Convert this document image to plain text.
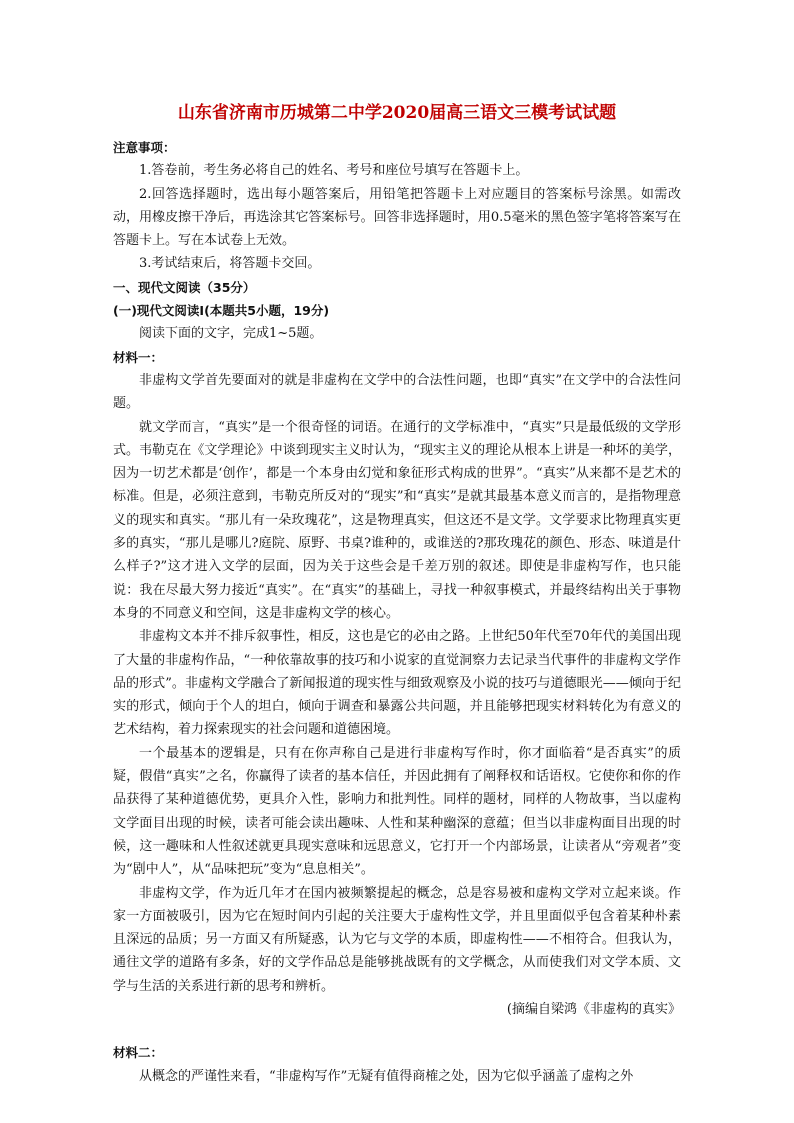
山东省济南市历城第二中学2020届高三语文三模考试试题

注意事项：

1.答卷前，考生务必将自己的姓名、考号和座位号填写在答题卡上。

2.回答选择题时，选出每小题答案后，用铅笔把答题卡上对应题目的答案标号涂黑。如需改动，用橡皮擦干净后，再选涂其它答案标号。回答非选择题时，用0.5毫米的黑色签字笔将答案写在答题卡上。写在本试卷上无效。

3.考试结束后，将答题卡交回。

一、现代文阅读（35分）

(一)现代文阅读Ⅰ(本题共5小题，19分)

阅读下面的文字，完成1~5题。

材料一：

非虚构文学首先要面对的就是非虚构在文学中的合法性问题，也即“真实”在文学中的合法性问题。

就文学而言，“真实”是一个很奇怪的词语。在通行的文学标准中，“真实”只是最低级的文学形式。韦勒克在《文学理论》中谈到现实主义时认为，“现实主义的理论从根本上讲是一种坏的美学，因为一切艺术都是‘创作’，都是一个本身由幻觉和象征形式构成的世界”。“真实”从来都不是艺术的标准。但是，必须注意到，韦勒克所反对的“现实”和“真实”是就其最基本意义而言的，是指物理意义的现实和真实。“那儿有一朵玫瑰花”，这是物理真实，但这还不是文学。文学要求比物理真实更多的真实，“那儿是哪儿?庭院、原野、书桌?谁种的，或谁送的?那玫瑰花的颜色、形态、味道是什么样子?”这才进入文学的层面，因为关于这些会是千差万别的叙述。即使是非虚构写作，也只能说：我在尽最大努力接近“真实”。在“真实”的基础上，寻找一种叙事模式，并最终结构出关于事物本身的不同意义和空间，这是非虚构文学的核心。

非虚构文本并不排斥叙事性，相反，这也是它的必由之路。上世纪50年代至70年代的美国出现了大量的非虚构作品，“一种依靠故事的技巧和小说家的直觉洞察力去记录当代事件的非虚构文学作品的形式”。非虚构文学融合了新闻报道的现实性与细致观察及小说的技巧与道德眼光——倾向于纪实的形式，倾向于个人的坦白，倾向于调查和暴露公共问题，并且能够把现实材料转化为有意义的艺术结构，着力探索现实的社会问题和道德困境。

一个最基本的逻辑是，只有在你声称自己是进行非虚构写作时，你才面临着“是否真实”的质疑，假借“真实”之名，你赢得了读者的基本信任，并因此拥有了阐释权和话语权。它使你和你的作品获得了某种道德优势，更具介入性，影响力和批判性。同样的题材，同样的人物故事，当以虚构文学面目出现的时候，读者可能会读出趣味、人性和某种幽深的意蕴；但当以非虚构面目出现的时候，这一趣味和人性叙述就更具现实意味和远思意义，它打开一个内部场景，让读者从“旁观者”变为“剧中人”，从“品味把玩”变为“息息相关”。

非虚构文学，作为近几年才在国内被频繁提起的概念，总是容易被和虚构文学对立起来谈。作家一方面被吸引，因为它在短时间内引起的关注要大于虚构性文学，并且里面似乎包含着某种朴素且深远的品质；另一方面又有所疑惑，认为它与文学的本质，即虚构性——不相符合。但我认为，通往文学的道路有多条，好的文学作品总是能够挑战既有的文学概念，从而使我们对文学本质、文学与生活的关系进行新的思考和辨析。

(摘编自梁鸿《非虚构的真实》

材料二：

从概念的严谨性来看，“非虚构写作”无疑有值得商榷之处，因为它似乎涵盖了虚构之外
